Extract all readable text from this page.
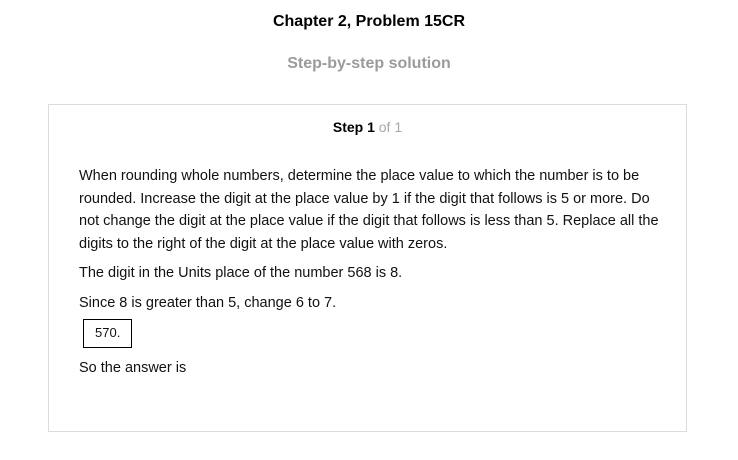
Chapter 2, Problem 15CR
Step-by-step solution
Step 1 of 1

When rounding whole numbers, determine the place value to which the number is to be rounded. Increase the digit at the place value by 1 if the digit that follows is 5 or more. Do not change the digit at the place value if the digit that follows is less than 5. Replace all the digits to the right of the digit at the place value with zeros.

The digit in the Units place of the number 568 is 8.

Since 8 is greater than 5, change 6 to 7.

570.

So the answer is
